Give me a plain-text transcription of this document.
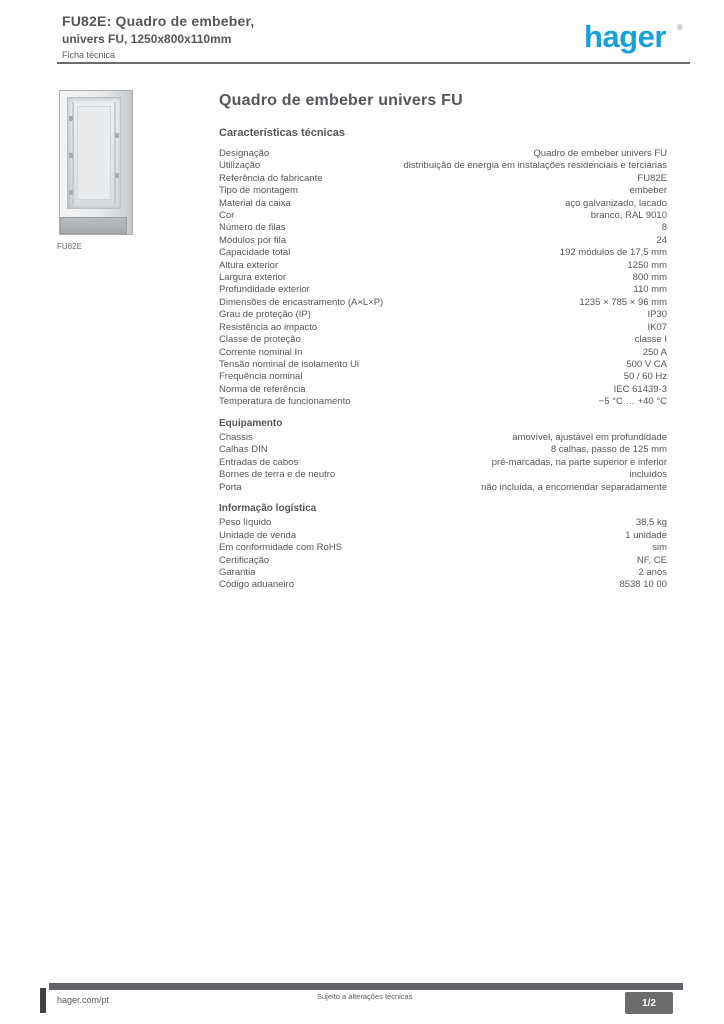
FU82E: Quadro de embeber,
univers FU, 1250x800x110mm
Ficha técnica
hager ®
FU82E
Quadro de embeber univers FU
Características técnicas
Designação	Quadro de embeber univers FU
Utilização	distribuição de energia em instalações residenciais e terciárias
Referência do fabricante	FU82E
Tipo de montagem	embeber
Material da caixa	aço galvanizado, lacado
Cor	branco, RAL 9010
Número de filas	8
Módulos por fila	24
Capacidade total	192 módulos de 17,5 mm
Altura exterior	1250 mm
Largura exterior	800 mm
Profundidade exterior	110 mm
Dimensões de encastramento (A×L×P)	1235 × 785 × 96 mm
Grau de proteção (IP)	IP30
Resistência ao impacto	IK07
Classe de proteção	classe I
Corrente nominal In	250 A
Tensão nominal de isolamento Ui	500 V CA
Frequência nominal	50 / 60 Hz
Norma de referência	IEC 61439-3
Temperatura de funcionamento	−5 °C … +40 °C
Equipamento
Chassis	amovível, ajustável em profundidade
Calhas DIN	8 calhas, passo de 125 mm
Entradas de cabos	pré-marcadas, na parte superior e inferior
Bornes de terra e de neutro	incluídos
Porta	não incluída, a encomendar separadamente
Informação logística
Peso líquido	38,5 kg
Unidade de venda	1 unidade
Em conformidade com RoHS	sim
Certificação	NF, CE
Garantia	2 anos
Código aduaneiro	8538 10 00
hager.com/pt	Sujeito a alterações técnicas
1/2
